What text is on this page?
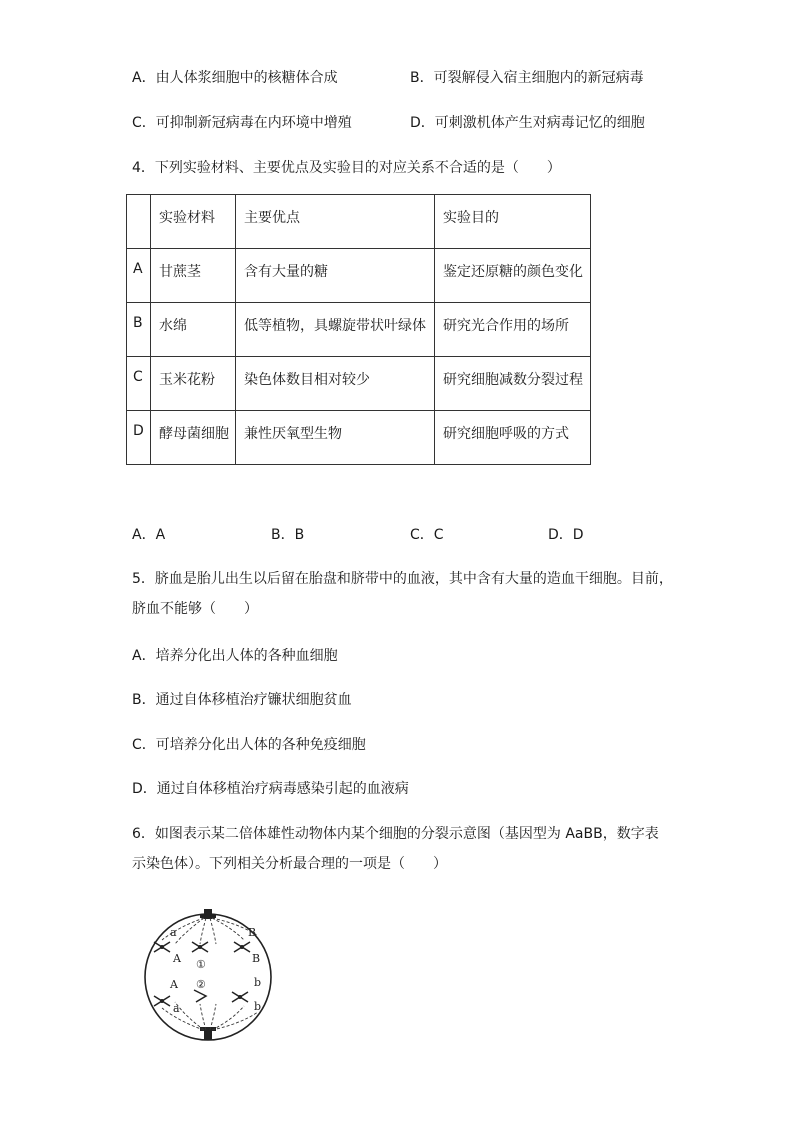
A．由人体浆细胞中的核糖体合成	B．可裂解侵入宿主细胞内的新冠病毒
C．可抑制新冠病毒在内环境中增殖	D．可刺激机体产生对病毒记忆的细胞
4．下列实验材料、主要优点及实验目的对应关系不合适的是（　　）
	实验材料	主要优点	实验目的
A	甘蔗茎	含有大量的糖	鉴定还原糖的颜色变化
B	水绵	低等植物，具螺旋带状叶绿体	研究光合作用的场所
C	玉米花粉	染色体数目相对较少	研究细胞减数分裂过程
D	酵母菌细胞	兼性厌氧型生物	研究细胞呼吸的方式
A．A	B．B	C．C	D．D
5．脐血是胎儿出生以后留在胎盘和脐带中的血液，其中含有大量的造血干细胞。目前，
脐血不能够（　　）
A．培养分化出人体的各种血细胞
B．通过自体移植治疗镰状细胞贫血
C．可培养分化出人体的各种免疫细胞
D．通过自体移植治疗病毒感染引起的血液病
6．如图表示某二倍体雄性动物体内某个细胞的分裂示意图（基因型为 AaBB，数字表
示染色体）。下列相关分析最合理的一项是（　　）
a
A
B
B
A
a
b
b
①
②
